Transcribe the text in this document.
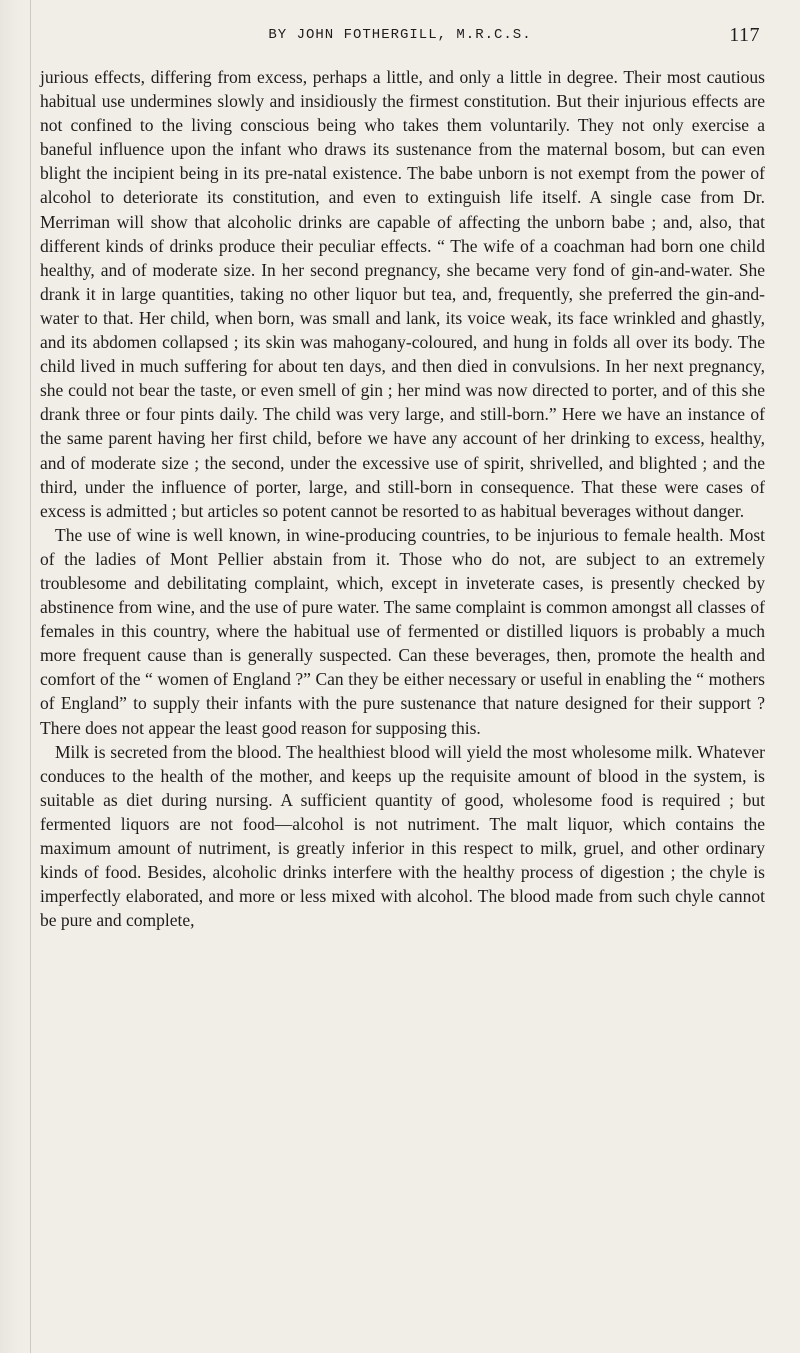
BY JOHN FOTHERGILL, M.R.C.S.	117

jurious effects, differing from excess, perhaps a little, and only a little in degree. Their most cautious habitual use undermines slowly and insidiously the firmest constitution. But their injurious effects are not confined to the living conscious being who takes them voluntarily. They not only exercise a baneful influence upon the infant who draws its sustenance from the maternal bosom, but can even blight the incipient being in its pre-natal existence. The babe unborn is not exempt from the power of alcohol to deteriorate its constitution, and even to extinguish life itself. A single case from Dr. Merriman will show that alcoholic drinks are capable of affecting the unborn babe ; and, also, that different kinds of drinks produce their peculiar effects. “ The wife of a coachman had born one child healthy, and of moderate size. In her second pregnancy, she became very fond of gin-and-water. She drank it in large quantities, taking no other liquor but tea, and, frequently, she preferred the gin-and-water to that. Her child, when born, was small and lank, its voice weak, its face wrinkled and ghastly, and its abdomen collapsed ; its skin was mahogany-coloured, and hung in folds all over its body. The child lived in much suffering for about ten days, and then died in convulsions. In her next pregnancy, she could not bear the taste, or even smell of gin ; her mind was now directed to porter, and of this she drank three or four pints daily. The child was very large, and still-born.” Here we have an instance of the same parent having her first child, before we have any account of her drinking to excess, healthy, and of moderate size ; the second, under the excessive use of spirit, shrivelled, and blighted ; and the third, under the influence of porter, large, and still-born in consequence. That these were cases of excess is admitted ; but articles so potent cannot be resorted to as habitual beverages without danger.

The use of wine is well known, in wine-producing countries, to be injurious to female health. Most of the ladies of Mont Pellier abstain from it. Those who do not, are subject to an extremely troublesome and debilitating complaint, which, except in inveterate cases, is presently checked by abstinence from wine, and the use of pure water. The same complaint is common amongst all classes of females in this country, where the habitual use of fermented or distilled liquors is probably a much more frequent cause than is generally suspected. Can these beverages, then, promote the health and comfort of the “ women of England ?” Can they be either necessary or useful in enabling the “ mothers of England” to supply their infants with the pure sustenance that nature designed for their support ? There does not appear the least good reason for supposing this.

Milk is secreted from the blood. The healthiest blood will yield the most wholesome milk. Whatever conduces to the health of the mother, and keeps up the requisite amount of blood in the system, is suitable as diet during nursing. A sufficient quantity of good, wholesome food is required ; but fermented liquors are not food—alcohol is not nutriment. The malt liquor, which contains the maximum amount of nutriment, is greatly inferior in this respect to milk, gruel, and other ordinary kinds of food. Besides, alcoholic drinks interfere with the healthy process of digestion ; the chyle is imperfectly elaborated, and more or less mixed with alcohol. The blood made from such chyle cannot be pure and complete,
